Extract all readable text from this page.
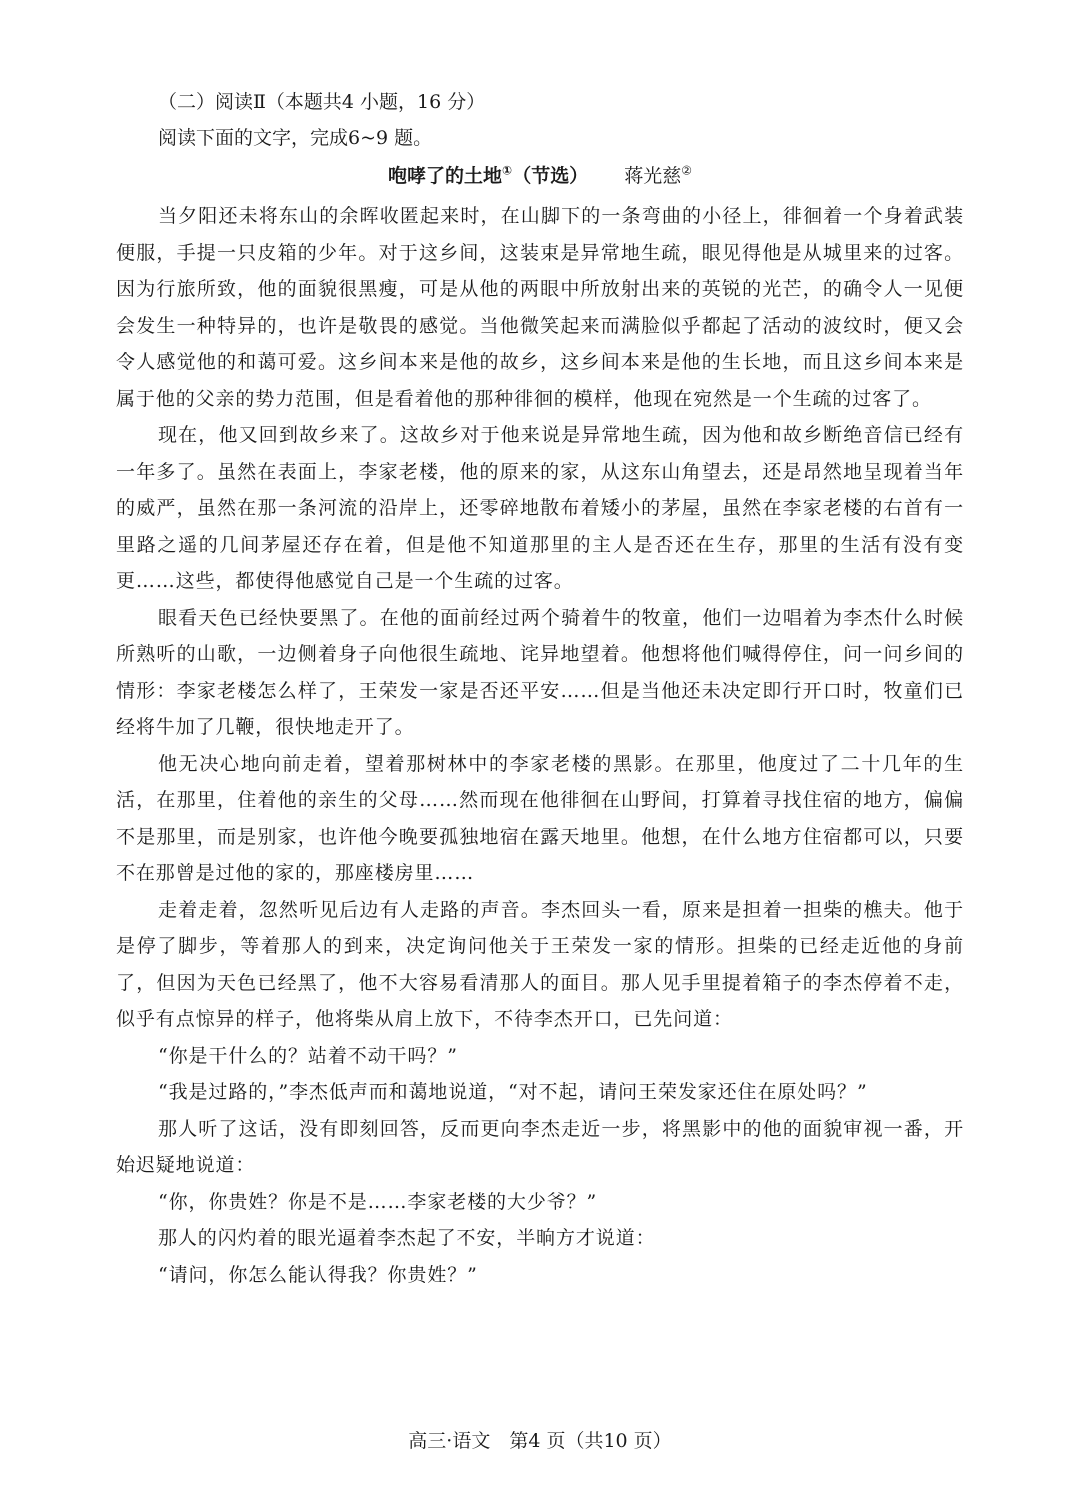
（二）阅读Ⅱ（本题共4 小题，16 分）
阅读下面的文字，完成6~9 题。
咆哮了的土地①（节选） 蒋光慈②

当夕阳还未将东山的余晖收匿起来时，在山脚下的一条弯曲的小径上，徘徊着一个身着武装便服，手提一只皮箱的少年。对于这乡间，这装束是异常地生疏，眼见得他是从城里来的过客。因为行旅所致，他的面貌很黑瘦，可是从他的两眼中所放射出来的英锐的光芒，的确令人一见便会发生一种特异的，也许是敬畏的感觉。当他微笑起来而满脸似乎都起了活动的波纹时，便又会令人感觉他的和蔼可爱。这乡间本来是他的故乡，这乡间本来是他的生长地，而且这乡间本来是属于他的父亲的势力范围，但是看着他的那种徘徊的模样，他现在宛然是一个生疏的过客了。

现在，他又回到故乡来了。这故乡对于他来说是异常地生疏，因为他和故乡断绝音信已经有一年多了。虽然在表面上，李家老楼，他的原来的家，从这东山角望去，还是昂然地呈现着当年的威严，虽然在那一条河流的沿岸上，还零碎地散布着矮小的茅屋，虽然在李家老楼的右首有一里路之遥的几间茅屋还存在着，但是他不知道那里的主人是否还在生存，那里的生活有没有变更……这些，都使得他感觉自己是一个生疏的过客。

眼看天色已经快要黑了。在他的面前经过两个骑着牛的牧童，他们一边唱着为李杰什么时候所熟听的山歌，一边侧着身子向他很生疏地、诧异地望着。他想将他们喊得停住，问一问乡间的情形：李家老楼怎么样了，王荣发一家是否还平安……但是当他还未决定即行开口时，牧童们已经将牛加了几鞭，很快地走开了。

他无决心地向前走着，望着那树林中的李家老楼的黑影。在那里，他度过了二十几年的生活，在那里，住着他的亲生的父母……然而现在他徘徊在山野间，打算着寻找住宿的地方，偏偏不是那里，而是别家，也许他今晚要孤独地宿在露天地里。他想，在什么地方住宿都可以，只要不在那曾是过他的家的，那座楼房里……

走着走着，忽然听见后边有人走路的声音。李杰回头一看，原来是担着一担柴的樵夫。他于是停了脚步，等着那人的到来，决定询问他关于王荣发一家的情形。担柴的已经走近他的身前了，但因为天色已经黑了，他不大容易看清那人的面目。那人见手里提着箱子的李杰停着不走，似乎有点惊异的样子，他将柴从肩上放下，不待李杰开口，已先问道：

“你是干什么的？站着不动干吗？”

“我是过路的，”李杰低声而和蔼地说道，“对不起，请问王荣发家还住在原处吗？”

那人听了这话，没有即刻回答，反而更向李杰走近一步，将黑影中的他的面貌审视一番，开始迟疑地说道：

“你，你贵姓？你是不是……李家老楼的大少爷？”

那人的闪灼着的眼光逼着李杰起了不安，半晌方才说道：

“请问，你怎么能认得我？你贵姓？”

高三·语文　第4 页（共10 页）
